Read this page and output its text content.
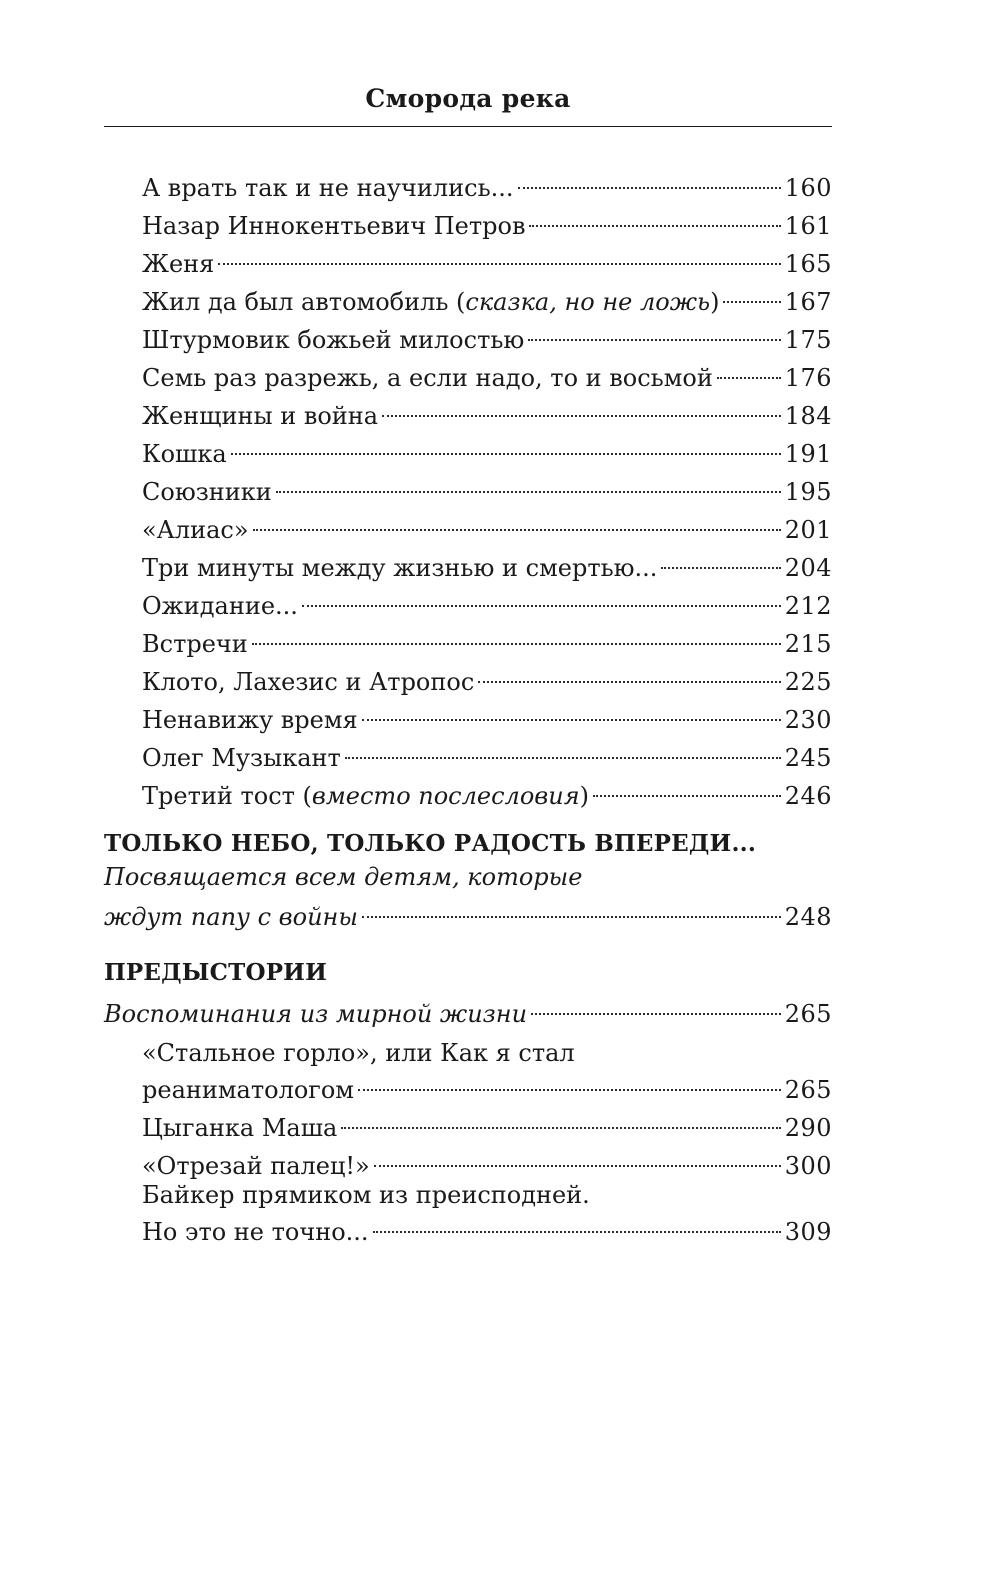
Смородa река
А врать так и не научились...	160
Назар Иннокентьевич Петров	161
Женя	165
Жил да был автомобиль (сказка, но не ложь)	167
Штурмовик божьей милостью	175
Семь раз разрежь, а если надо, то и восьмой	176
Женщины и война	184
Кошка	191
Союзники	195
«Алиас»	201
Три минуты между жизнью и смертью...	204
Ожидание...	212
Встречи	215
Клото, Лахезис и Атропос	225
Ненавижу время	230
Олег Музыкант	245
Третий тост (вместо послесловия)	246
ТОЛЬКО НЕБО, ТОЛЬКО РАДОСТЬ ВПЕРЕДИ...
Посвящается всем детям, которые
ждут папу с войны	248
ПРЕДЫСТОРИИ
Воспоминания из мирной жизни	265
«Стальное горло», или Как я стал
реаниматологом	265
Цыганка Маша	290
«Отрезай палец!»	300
Байкер прямиком из преисподней.
Но это не точно...	309
